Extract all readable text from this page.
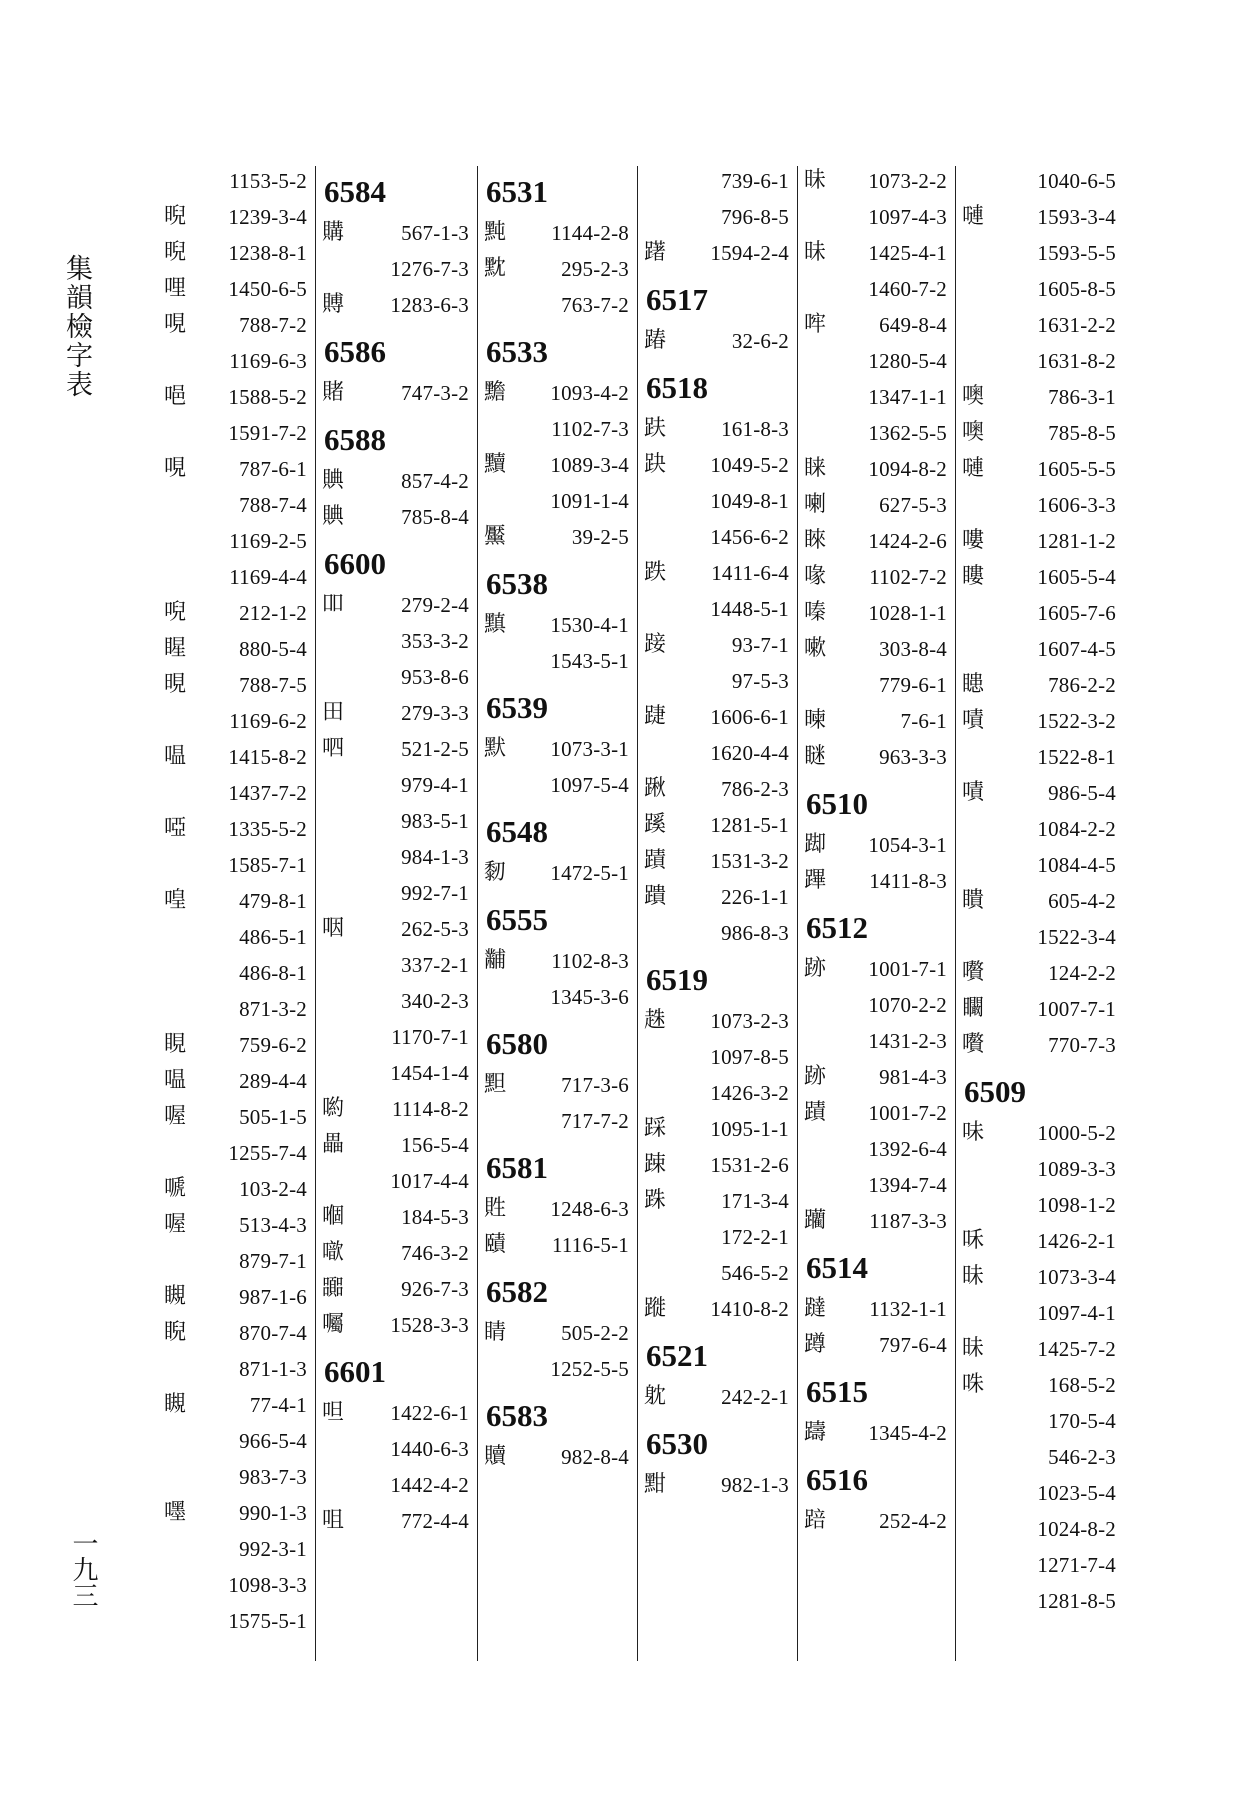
集韻檢字表
一九三
1153-5-2
晲 1239-3-4
晲 1238-8-1
哩 1450-6-5
哯	788-7-2
1169-6-3
唈 1588-5-2
1591-7-2
哯	787-6-1
788-7-4
1169-2-5
1169-4-4
唲	212-1-2
睲	880-5-4
晛	788-7-5
1169-6-2
嗢 1415-8-2
1437-7-2
啞 1335-5-2
1585-7-1
喤	479-8-1
486-5-1
486-8-1
871-3-2
睍	759-6-2
嗢	289-4-4
喔	505-1-5
1255-7-4
嗁	103-2-4
喔	513-4-3
879-7-1
瞡	987-1-6
睨	870-7-4
871-1-3
瞡	77-4-1
966-5-4
983-7-3
嚜	990-1-3
992-3-1
1098-3-3
1575-5-1
6584
購	567-1-3
1276-7-3
賻 1283-6-3
6586
賭	747-3-2
6588
賟	857-4-2
賟	785-8-4
6600
吅	279-2-4
353-3-2
953-8-6
田	279-3-3
呬	521-2-5
979-4-1
983-5-1
984-1-3
992-7-1
咽	262-5-3
337-2-1
340-2-3
1170-7-1
1454-1-4
喲 1114-8-2
畾	156-5-4
1017-4-4
嗰	184-5-3
噷	746-3-2
嚻	926-7-3
囑 1528-3-3
6601
呾 1422-6-1
1440-6-3
1442-4-2
咀	772-4-4
6531
黗 1144-2-8
黕	295-2-3
763-7-2
6533
黵 1093-4-2
1102-7-3
黷 1089-3-4
1091-1-4
黶	39-2-5
6538
黰 1530-4-1
1543-5-1
6539
默 1073-3-1
1097-5-4
6548
䵑 1472-5-1
6555
黼 1102-8-3
1345-3-6
6580
䵣	717-3-6
717-7-2
6581
貹 1248-6-3
賾 1116-5-1
6582
睛	505-2-2
1252-5-5
6583
贖	982-8-4
739-6-1
796-8-5
躇 1594-2-4
6517
踳	32-6-2
6518
趺	161-8-3
趹 1049-5-2
1049-8-1
1456-6-2
跌 1411-6-4
1448-5-1
踥	93-7-1
97-5-3
踕 1606-6-1
1620-4-4
踿	786-2-3
蹊 1281-5-1
蹟 1531-3-2
蹪	226-1-1
986-8-3
6519
趎 1073-2-3
1097-8-5
1426-3-2
踩 1095-1-1
踈 1531-2-6
跦	171-3-4
172-2-1
546-5-2
蹝 1410-8-2
6521
躭	242-2-1
6530
黚	982-1-3
昧 1073-2-2
1097-4-3
昧 1425-4-1
1460-7-2
哰	649-8-4
1280-5-4
1347-1-1
1362-5-5
睐 1094-8-2
喇	627-5-3
睞 1424-2-6
喙 1102-7-2
嗪 1028-1-1
嗽	303-8-4
779-6-1
暕	7-6-1
瞇	963-3-3
6510
踋 1054-3-1
蹕 1411-8-3
6512
跡 1001-7-1
1070-2-2
1431-2-3
跡	981-4-3
蹟 1001-7-2
1392-6-4
1394-7-4
躪 1187-3-3
6514
躂 1132-1-1
蹲	797-6-4
6515
躊 1345-4-2
6516
踣	252-4-2
1040-6-5
嗹	1593-3-4
1593-5-5
1605-8-5
1631-2-2
1631-8-2
噢	786-3-1
噢	785-8-5
嗹	1605-5-5
1606-3-3
嘍	1281-1-2
瞜	1605-5-4
1605-7-6
1607-4-5
瞣	786-2-2
嘖	1522-3-2
1522-8-1
嘖	986-5-4
1084-2-2
1084-4-5
瞶	605-4-2
1522-3-4
嚽	124-2-2
矙	1007-7-1
嚽	770-7-3
6509
味	1000-5-2
1089-3-3
1098-1-2
咊	1426-2-1
昧	1073-3-4
1097-4-1
昧	1425-7-2
咮	168-5-2
170-5-4
546-2-3
1023-5-4
1024-8-2
1271-7-4
1281-8-5
